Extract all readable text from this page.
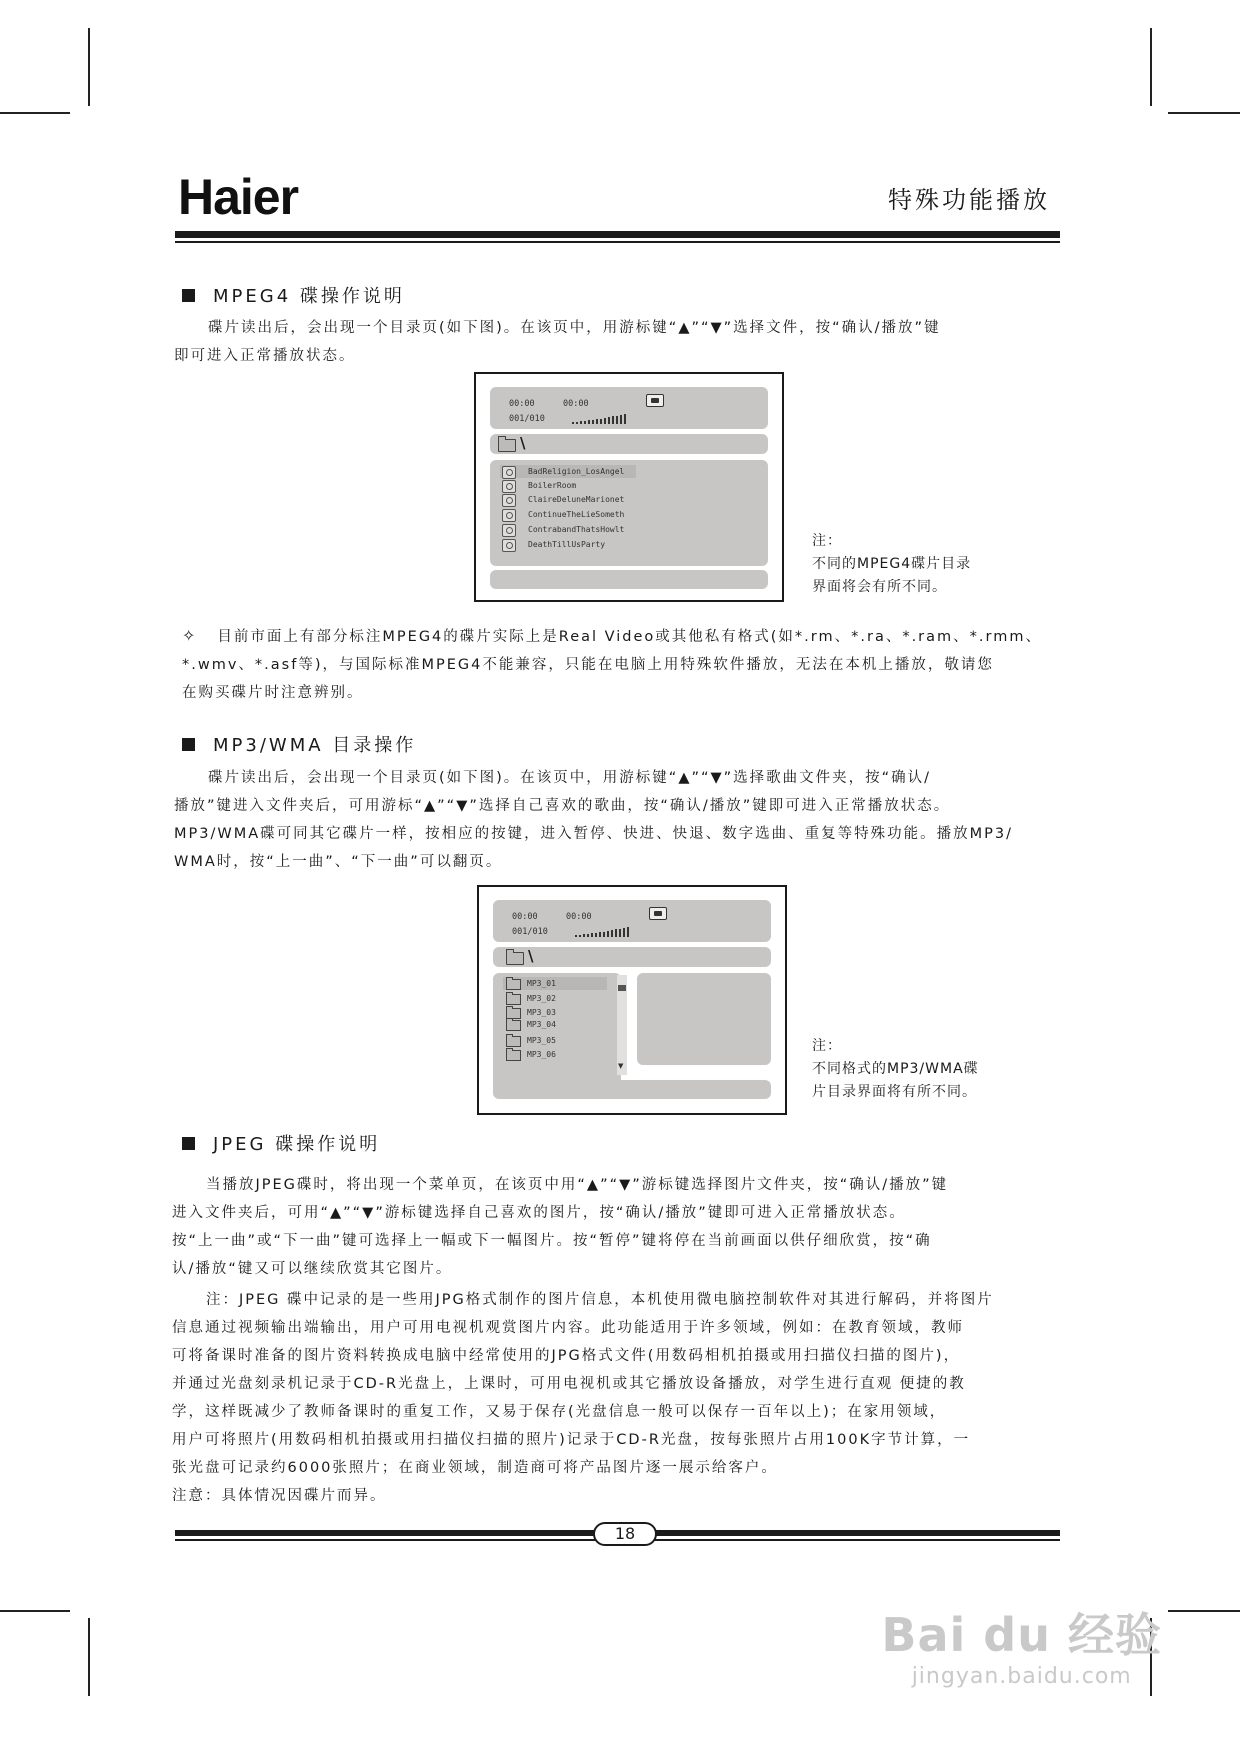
Haier	特殊功能播放
MPEG4 碟操作说明

碟片读出后，会出现一个目录页(如下图)。在该页中，用游标键“▲”“▼”选择文件，按“确认/播放”键

即可进入正常播放状态。

00:00	00:00
001/010
\
BadReligion_LosAngel
BoilerRoom
ClaireDeluneMarionet
ContinueTheLieSometh
ContrabandThatsHowlt
DeathTillUsParty	注：

不同的MPEG4碟片目录

界面将会有所不同。

✧ 目前市面上有部分标注MPEG4的碟片实际上是Real Video或其他私有格式(如*.rm、*.ra、*.ram、*.rmm、

*.wmv、*.asf等)，与国际标准MPEG4不能兼容，只能在电脑上用特殊软件播放，无法在本机上播放，敬请您

在购买碟片时注意辨别。

MP3/WMA 目录操作

碟片读出后，会出现一个目录页(如下图)。在该页中，用游标键“▲”“▼”选择歌曲文件夹，按“确认/

播放”键进入文件夹后，可用游标“▲”“▼”选择自己喜欢的歌曲，按“确认/播放”键即可进入正常播放状态。

MP3/WMA碟可同其它碟片一样，按相应的按键，进入暂停、快进、快退、数字选曲、重复等特殊功能。播放MP3/

WMA时，按“上一曲”、“下一曲”可以翻页。

00:00	00:00
001/010
\
MP3_01
MP3_02
MP3_03
MP3_04
MP3_05
MP3_06
▼

注：

不同格式的MP3/WMA碟

片目录界面将有所不同。

JPEG 碟操作说明

当播放JPEG碟时，将出现一个菜单页，在该页中用“▲”“▼”游标键选择图片文件夹，按“确认/播放”键

进入文件夹后，可用“▲”“▼”游标键选择自己喜欢的图片，按“确认/播放”键即可进入正常播放状态。

按“上一曲”或“下一曲”键可选择上一幅或下一幅图片。按“暂停”键将停在当前画面以供仔细欣赏，按“确

认/播放“键又可以继续欣赏其它图片。

注：JPEG 碟中记录的是一些用JPG格式制作的图片信息，本机使用微电脑控制软件对其进行解码，并将图片

信息通过视频输出端输出，用户可用电视机观赏图片内容。此功能适用于许多领域，例如：在教育领域，教师

可将备课时准备的图片资料转换成电脑中经常使用的JPG格式文件(用数码相机拍摄或用扫描仪扫描的图片)，

并通过光盘刻录机记录于CD-R光盘上，上课时，可用电视机或其它播放设备播放，对学生进行直观 便捷的教

学，这样既减少了教师备课时的重复工作，又易于保存(光盘信息一般可以保存一百年以上)；在家用领域，

用户可将照片(用数码相机拍摄或用扫描仪扫描的照片)记录于CD-R光盘，按每张照片占用100K字节计算，一

张光盘可记录约6000张照片；在商业领域，制造商可将产品图片逐一展示给客户。

注意：具体情况因碟片而异。

18
Bai du 经验
jingyan.baidu.com
